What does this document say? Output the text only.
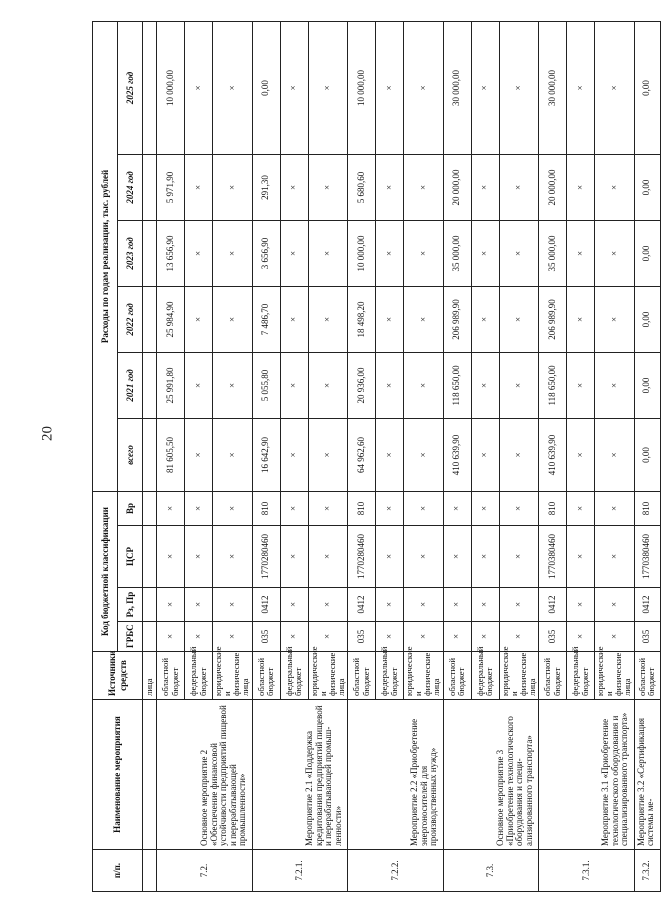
20
п/п.	Наименование мероприятия	Источники средств	Код бюджетной классификации				Расходы по годам реализации, тыс. рублей					
			ГРБС	Рз, Пр	ЦСР	Вр	всего	2021 год	2022 год	2023 год	2024 год	2025 год
		лица										
7.2.	Основное мероприятие 2 «Обеспечение финансовой устойчивости предприятий пищевой и перерабатывающей промышленности»	областной бюджет	×	×	×	×	81 605,50	25 991,80	25 984,90	13 656,90	5 971,90	10 000,00
		федеральный бюджет	×	×	×	×	×	×	×	×	×	×
		юридические и физические лица	×	×	×	×	×	×	×	×	×	×
7.2.1.	Мероприятие 2.1 «Поддержка кредитования предприятий пищевой и перерабатывающей промышленности»	областной бюджет	035	0412	1770280460	810	16 642,90	5 055,80	7 486,70	3 656,90	291,30	0,00
		федеральный бюджет	×	×	×	×	×	×	×	×	×	×
		юридические и физические лица	×	×	×	×	×	×	×	×	×	×
7.2.2.	Мероприятие 2.2 «Приобретение энергоносителей для производственных нужд»	областной бюджет	035	0412	1770280460	810	64 962,60	20 936,00	18 498,20	10 000,00	5 680,60	10 000,00
		федеральный бюджет	×	×	×	×	×	×	×	×	×	×
		юридические и физические лица	×	×	×	×	×	×	×	×	×	×
7.3.	Основное мероприятие 3 «Приобретение технологического оборудования и специализированного транспорта»	областной бюджет	×	×	×	×	410 639,90	118 650,00	206 989,90	35 000,00	20 000,00	30 000,00
		федеральный бюджет	×	×	×	×	×	×	×	×	×	×
		юридические и физические лица	×	×	×	×	×	×	×	×	×	×
7.3.1.	Мероприятие 3.1 «Приобретение технологического оборудования и специализированного транспорта»	областной бюджет	035	0412	1770380460	810	410 639,90	118 650,00	206 989,90	35 000,00	20 000,00	30 000,00
		федеральный бюджет	×	×	×	×	×	×	×	×	×	×
		юридические и физические лица	×	×	×	×	×	×	×	×	×	×
7.3.2.	Мероприятие 3.2 «Сертификация системы ме-	областной бюджет	035	0412	1770380460	810	0,00	0,00	0,00	0,00	0,00	0,00
